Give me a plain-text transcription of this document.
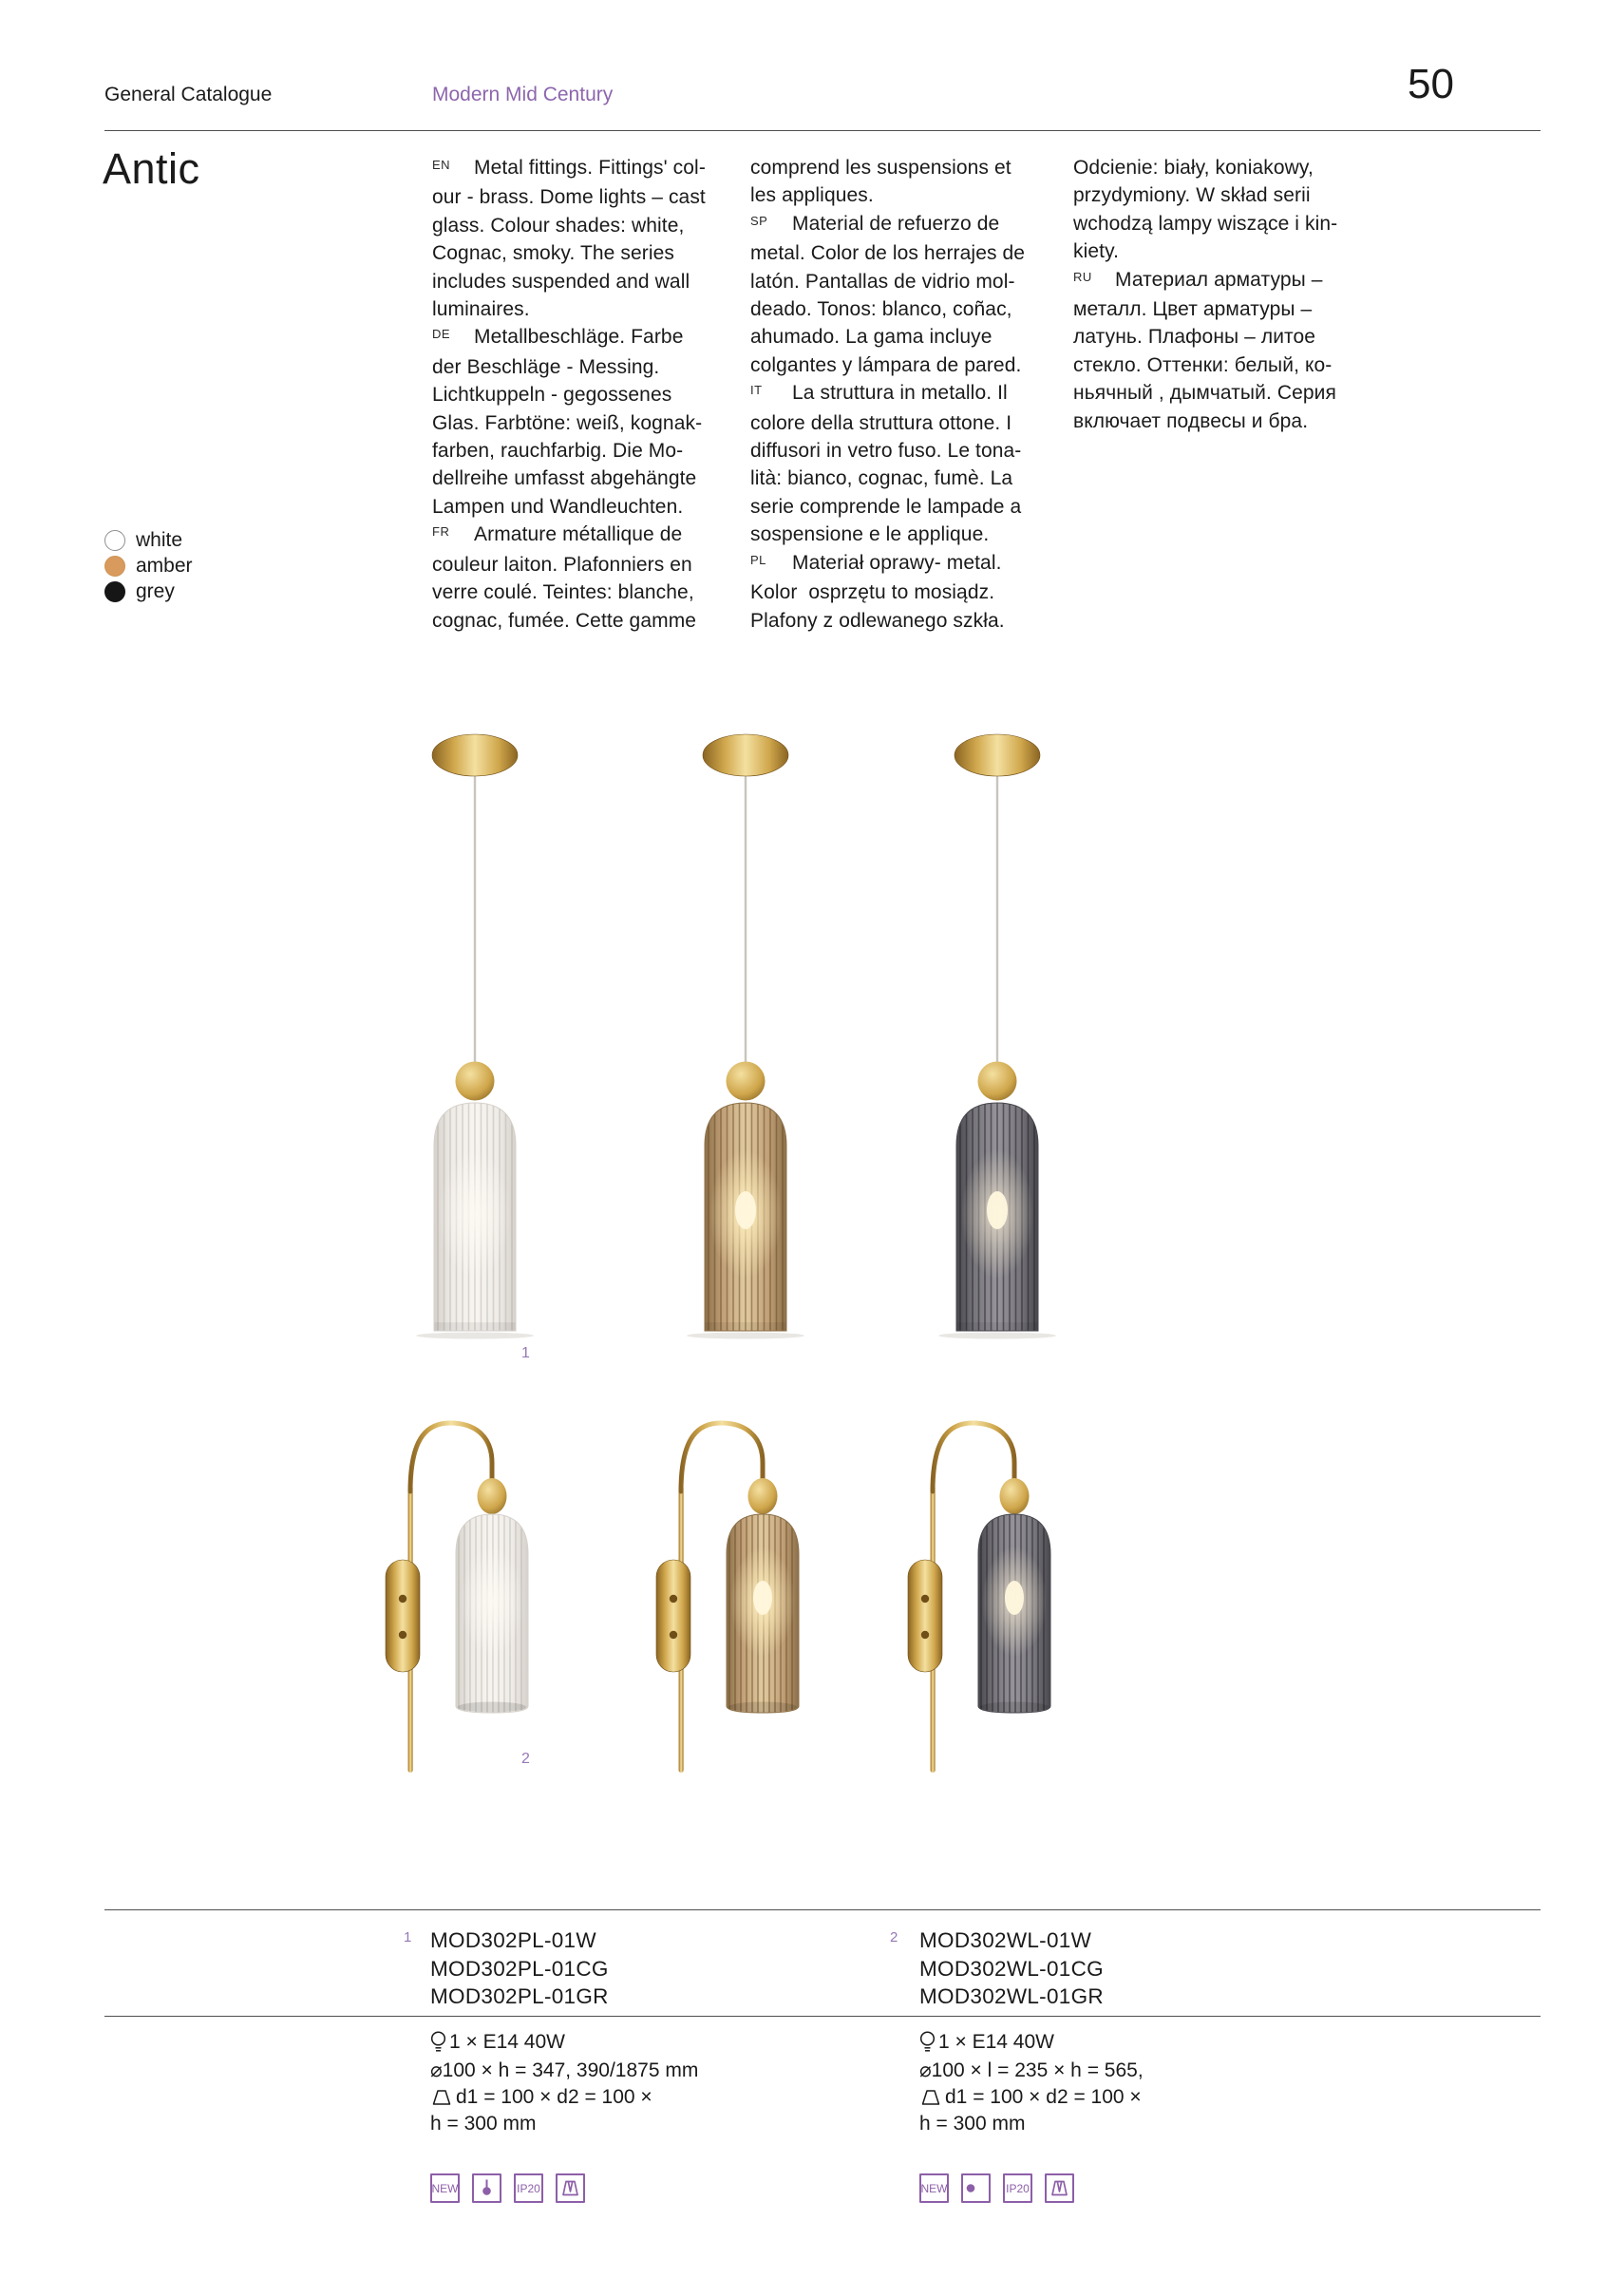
General Catalogue	Modern Mid Century	50
Antic
white
amber
grey
EN Metal fittings. Fittings' col-
our - brass. Dome lights – cast
glass. Colour shades: white,
Cognac, smoky. The series
includes suspended and wall
luminaires.
DE Metallbeschläge. Farbe
der Beschläge - Messing.
Lichtkuppeln - gegossenes
Glas. Farbtöne: weiß, kognak-
farben, rauchfarbig. Die Mo-
dellreihe umfasst abgehängte
Lampen und Wandleuchten.
FR Armature métallique de
couleur laiton. Plafonniers en
verre coulé. Teintes: blanche,
cognac, fumée. Cette gamme
comprend les suspensions et
les appliques.
SP Material de refuerzo de
metal. Color de los herrajes de
latón. Pantallas de vidrio mol-
deado. Tonos: blanco, coñac,
ahumado. La gama incluye
colgantes y lámpara de pared.
IT La struttura in metallo. Il
colore della struttura ottone. I
diffusori in vetro fuso. Le tona-
lità: bianco, cognac, fumè. La
serie comprende le lampade a
sospensione e le applique.
PL Materiał oprawy- metal.
Kolor  osprzętu to mosiądz.
Plafony z odlewanego szkła.
Odcienie: biały, koniakowy,
przydymiony. W skład serii
wchodzą lampy wiszące i kin-
kiety.
RU Материал арматуры –
металл. Цвет арматуры –
латунь. Плафоны – литое
стекло. Оттенки: белый, ко-
ньячный , дымчатый. Серия
включает подвесы и бра.
1
2
1 MOD302PL-01W
MOD302PL-01CG
MOD302PL-01GR
1 × E14 40W
⌀100 × h = 347, 390/1875 mm
d1 = 100 × d2 = 100 ×
h = 300 mm
NEW	IP20
2 MOD302WL-01W
MOD302WL-01CG
MOD302WL-01GR
1 × E14 40W
⌀100 × l = 235 × h = 565,
d1 = 100 × d2 = 100 ×
h = 300 mm
NEW	IP20
